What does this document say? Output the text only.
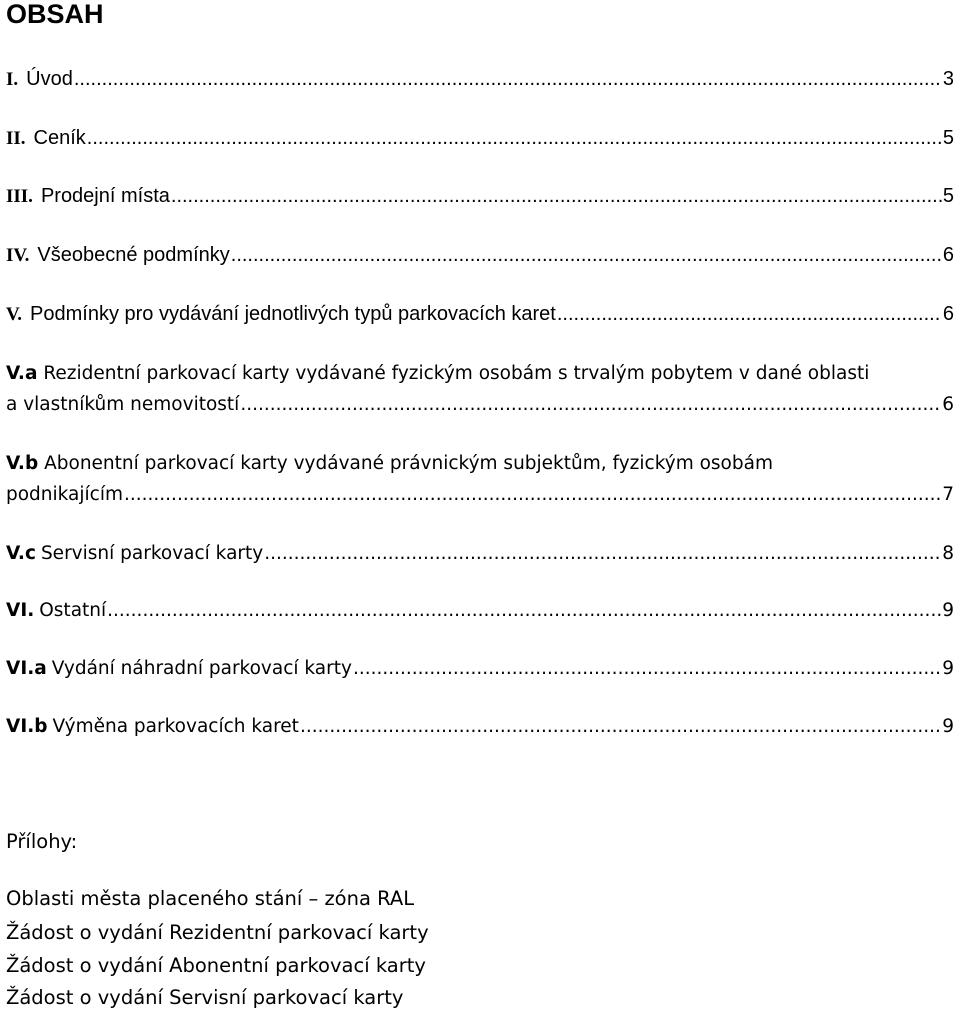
OBSAH
I. Úvod .....	3
II. Ceník .....	5
III. Prodejní místa .....	5
IV. Všeobecné podmínky .....	6
V. Podmínky pro vydávání jednotlivých typů parkovacích karet .....	6
V.a Rezidentní parkovací karty vydávané fyzickým osobám s trvalým pobytem v dané oblasti
a vlastníkům nemovitostí .....	6
V.b Abonentní parkovací karty vydávané právnickým subjektům, fyzickým osobám
podnikajícím .....	7
V.c Servisní parkovací karty .....	8
VI. Ostatní .....	9
VI.a Vydání náhradní parkovací karty .....	9
VI.b Výměna parkovacích karet .....	9
Přílohy:
Oblasti města placeného stání – zóna RAL
Žádost o vydání Rezidentní parkovací karty
Žádost o vydání Abonentní parkovací karty
Žádost o vydání Servisní parkovací karty
